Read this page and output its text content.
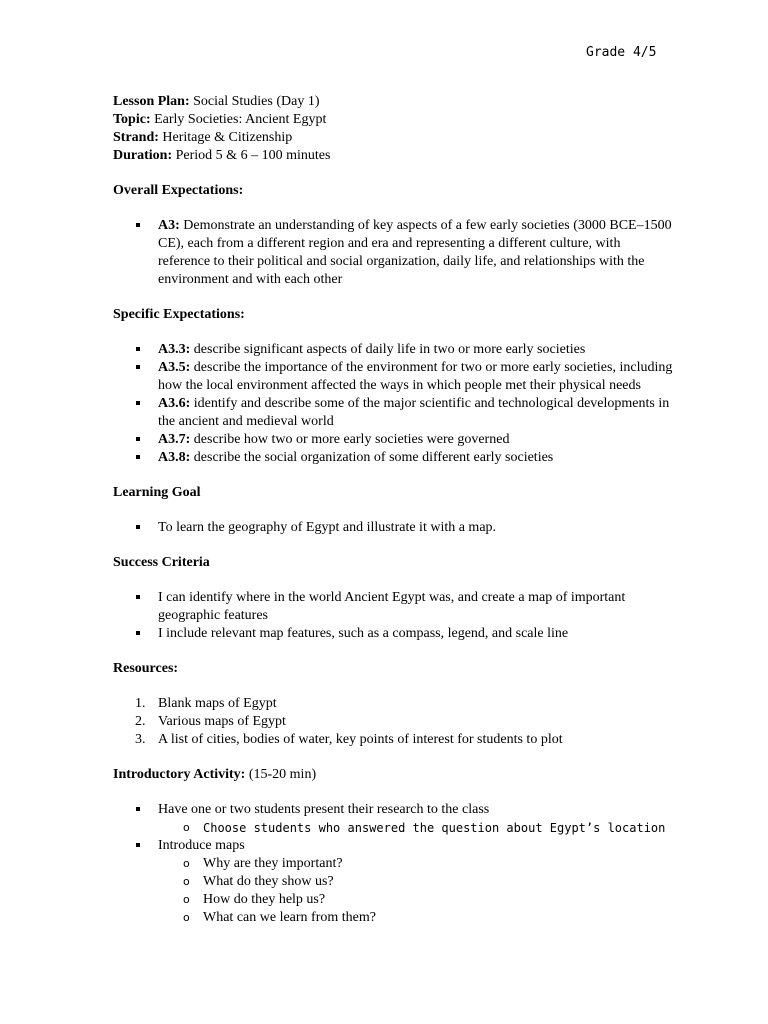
Grade 4/5

Lesson Plan: Social Studies (Day 1)

Topic: Early Societies: Ancient Egypt

Strand: Heritage & Citizenship

Duration: Period 5 & 6 – 100 minutes

Overall Expectations:
A3: Demonstrate an understanding of key aspects of a few early societies (3000 BCE–1500 CE), each from a different region and era and representing a different culture, with reference to their political and social organization, daily life, and relationships with the environment and with each other
Specific Expectations:
A3.3: describe significant aspects of daily life in two or more early societies
A3.5: describe the importance of the environment for two or more early societies, including how the local environment affected the ways in which people met their physical needs
A3.6: identify and describe some of the major scientific and technological developments in the ancient and medieval world
A3.7: describe how two or more early societies were governed
A3.8: describe the social organization of some different early societies
Learning Goal
To learn the geography of Egypt and illustrate it with a map.
Success Criteria
I can identify where in the world Ancient Egypt was, and create a map of important geographic features
I include relevant map features, such as a compass, legend, and scale line
Resources:
1. Blank maps of Egypt
2. Various maps of Egypt
3. A list of cities, bodies of water, key points of interest for students to plot
Introductory Activity: (15-20 min)
Have one or two students present their research to the class
o Choose students who answered the question about Egypt’s location
Introduce maps
o Why are they important?
o What do they show us?
o How do they help us?
o What can we learn from them?
